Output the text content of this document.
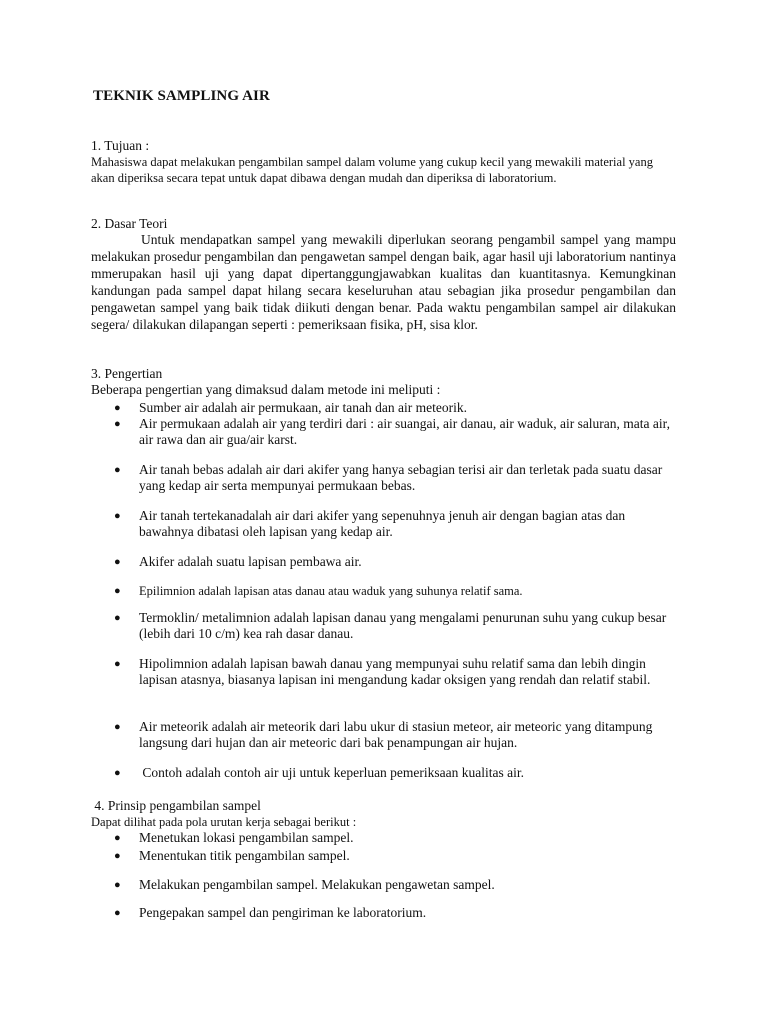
TEKNIK SAMPLING AIR

1. Tujuan :

Mahasiswa dapat melakukan pengambilan sampel dalam volume yang cukup kecil yang mewakili material yang akan diperiksa secara tepat untuk dapat dibawa dengan mudah dan diperiksa di laboratorium.

2. Dasar Teori

Untuk mendapatkan sampel yang mewakili diperlukan seorang pengambil sampel yang mampu melakukan prosedur pengambilan dan pengawetan sampel dengan baik, agar hasil uji laboratorium nantinya mmerupakan hasil uji yang dapat dipertanggungjawabkan kualitas dan kuantitasnya. Kemungkinan kandungan pada sampel dapat hilang secara keseluruhan atau sebagian jika prosedur pengambilan dan pengawetan sampel yang baik tidak diikuti dengan benar. Pada waktu pengambilan sampel air dilakukan segera/ dilakukan dilapangan seperti : pemeriksaan fisika, pH, sisa klor.

3. Pengertian

Beberapa pengertian yang dimaksud dalam metode ini meliputi :

● Sumber air adalah air permukaan, air tanah dan air meteorik.
● Air permukaan adalah air yang terdiri dari : air suangai, air danau, air waduk, air saluran, mata air, air rawa dan air gua/air karst.
● Air tanah bebas adalah air dari akifer yang hanya sebagian terisi air dan terletak pada suatu dasar yang kedap air serta mempunyai permukaan bebas.
● Air tanah tertekanadalah air dari akifer yang sepenuhnya jenuh air dengan bagian atas dan bawahnya dibatasi oleh lapisan yang kedap air.
● Akifer adalah suatu lapisan pembawa air.
● Epilimnion adalah lapisan atas danau atau waduk yang suhunya relatif sama.
● Termoklin/ metalimnion adalah lapisan danau yang mengalami penurunan suhu yang cukup besar (lebih dari 10 c/m) kea rah dasar danau.
● Hipolimnion adalah lapisan bawah danau yang mempunyai suhu relatif sama dan lebih dingin lapisan atasnya, biasanya lapisan ini mengandung kadar oksigen yang rendah dan relatif stabil.
● Air meteorik adalah air meteorik dari labu ukur di stasiun meteor, air meteoric yang ditampung langsung dari hujan dan air meteoric dari bak penampungan air hujan.
● Contoh adalah contoh air uji untuk keperluan pemeriksaan kualitas air.

4. Prinsip pengambilan sampel

Dapat dilihat pada pola urutan kerja sebagai berikut :

● Menetukan lokasi pengambilan sampel.
● Menentukan titik pengambilan sampel.
● Melakukan pengambilan sampel. Melakukan pengawetan sampel.
● Pengepakan sampel dan pengiriman ke laboratorium.
